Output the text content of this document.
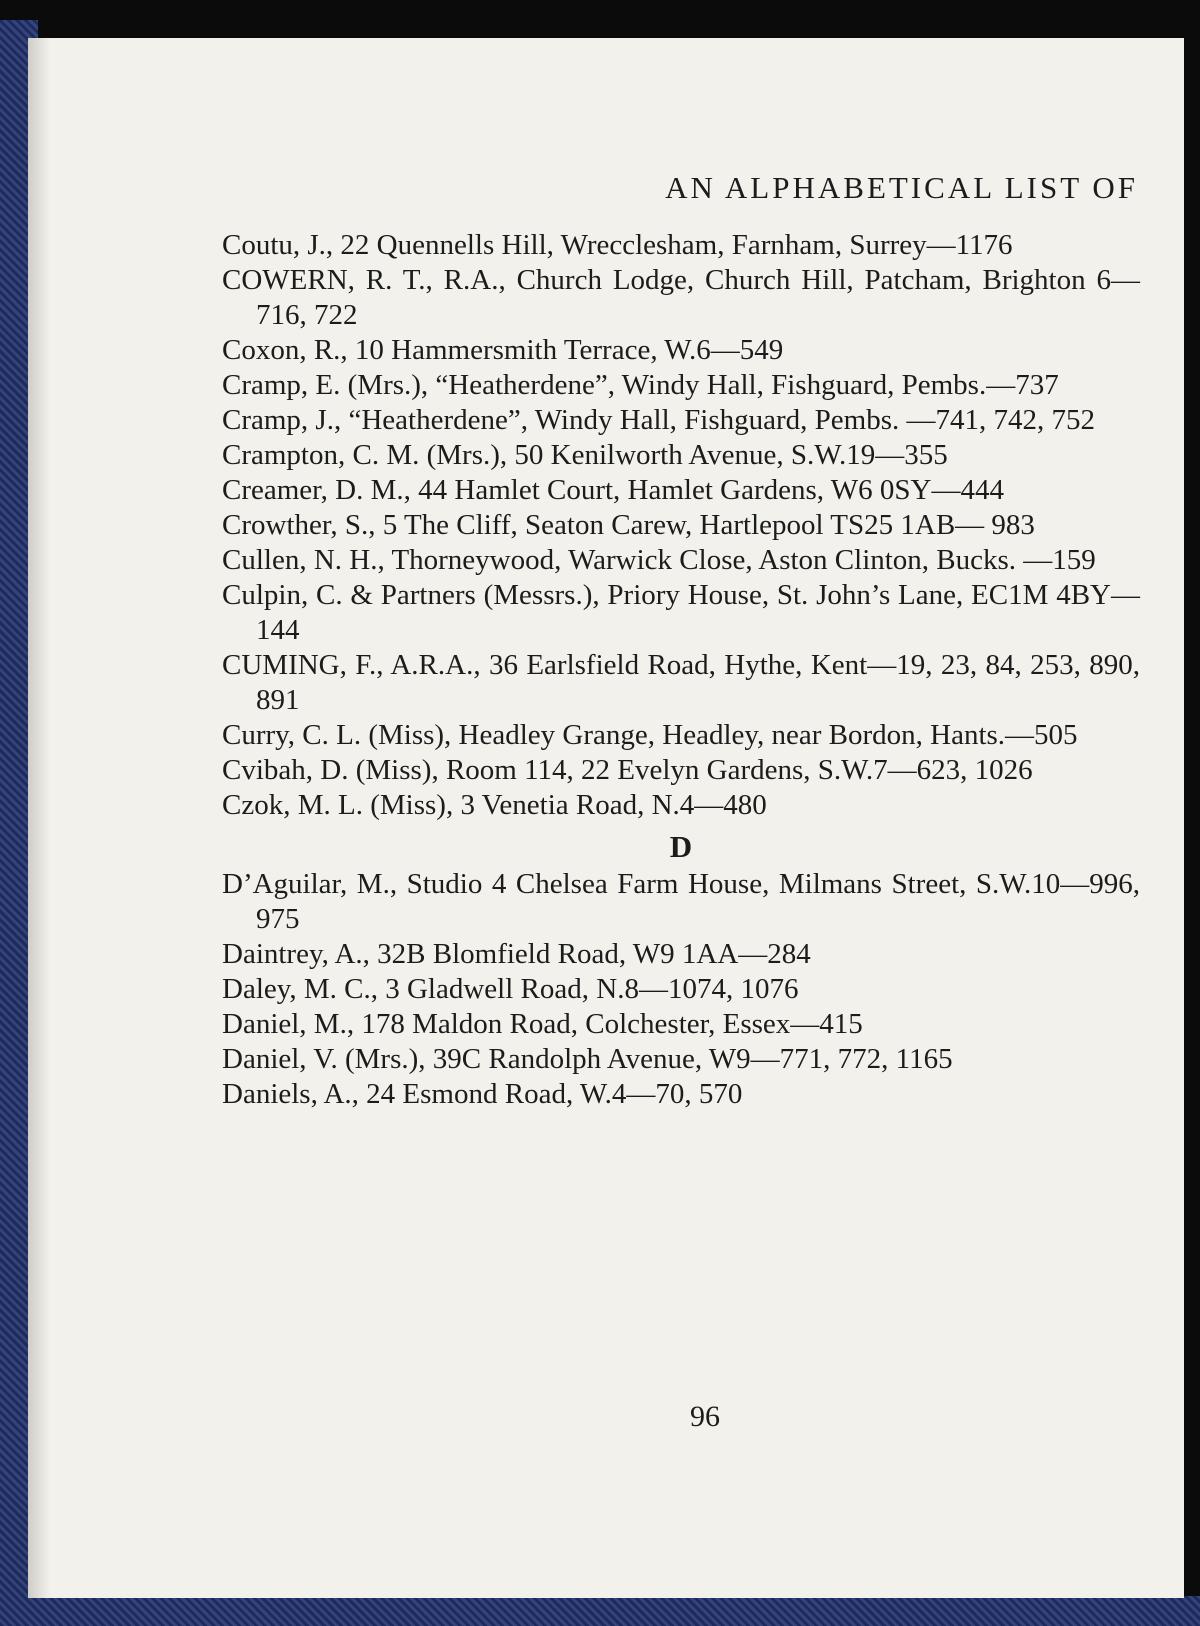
AN ALPHABETICAL LIST OF
Coutu, J., 22 Quennells Hill, Wrecclesham, Farnham, Surrey—1176
COWERN, R. T., R.A., Church Lodge, Church Hill, Patcham, Brighton 6—716, 722
Coxon, R., 10 Hammersmith Terrace, W.6—549
Cramp, E. (Mrs.), “Heatherdene”, Windy Hall, Fishguard, Pembs.—737
Cramp, J., “Heatherdene”, Windy Hall, Fishguard, Pembs. —741, 742, 752
Crampton, C. M. (Mrs.), 50 Kenilworth Avenue, S.W.19—355
Creamer, D. M., 44 Hamlet Court, Hamlet Gardens, W6 0SY—444
Crowther, S., 5 The Cliff, Seaton Carew, Hartlepool TS25 1AB— 983
Cullen, N. H., Thorneywood, Warwick Close, Aston Clinton, Bucks. —159
Culpin, C. & Partners (Messrs.), Priory House, St. John’s Lane, EC1M 4BY—144
CUMING, F., A.R.A., 36 Earlsfield Road, Hythe, Kent—19, 23, 84, 253, 890, 891
Curry, C. L. (Miss), Headley Grange, Headley, near Bordon, Hants.—505
Cvibah, D. (Miss), Room 114, 22 Evelyn Gardens, S.W.7—623, 1026
Czok, M. L. (Miss), 3 Venetia Road, N.4—480
D
D’Aguilar, M., Studio 4 Chelsea Farm House, Milmans Street, S.W.10—996, 975
Daintrey, A., 32B Blomfield Road, W9 1AA—284
Daley, M. C., 3 Gladwell Road, N.8—1074, 1076
Daniel, M., 178 Maldon Road, Colchester, Essex—415
Daniel, V. (Mrs.), 39C Randolph Avenue, W9—771, 772, 1165
Daniels, A., 24 Esmond Road, W.4—70, 570
96
